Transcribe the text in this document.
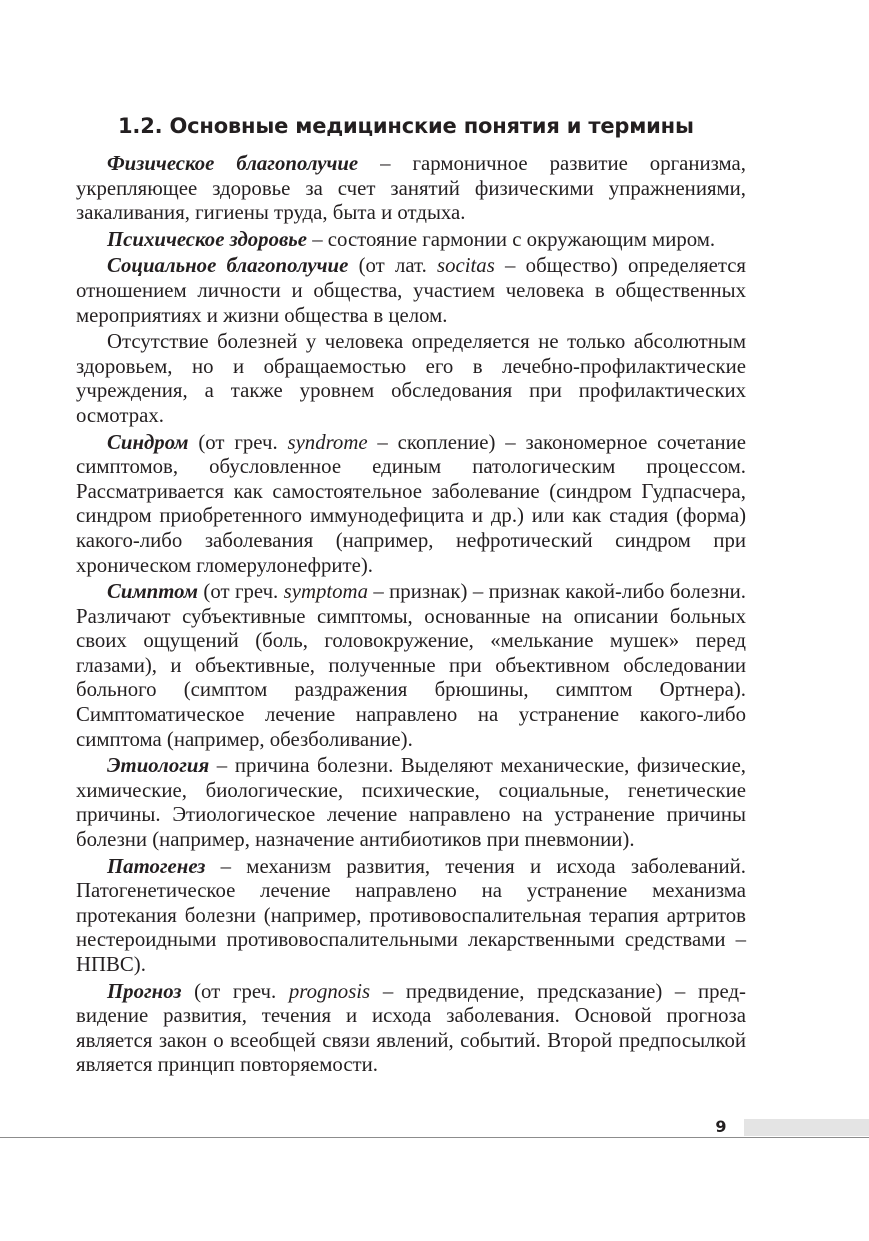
1.2. Основные медицинские понятия и термины

Физическое благополучие – гармоничное развитие организма, укрепляющее здоровье за счет занятий физическими упражнениями, закаливания, гигиены труда, быта и отдыха.

Психическое здоровье – состояние гармонии с окружающим миром.

Социальное благополучие (от лат. socitas – общество) определяется отношением личности и общества, участием человека в общественных мероприятиях и жизни общества в целом.

Отсутствие болезней у человека определяется не только абсолютным здоровьем, но и обращаемостью его в лечебно-профилактические учреждения, а также уровнем обследования при профилактических осмотрах.

Синдром (от греч. syndrome – скопление) – закономерное сочетание симптомов, обусловленное единым патологическим процессом. Рассматривается как самостоятельное заболевание (синдром Гудпасчера, синдром приобретенного иммунодефицита и др.) или как стадия (форма) какого-либо заболевания (например, нефротический синдром при хроническом гломерулонефрите).

Симптом (от греч. symptoma – признак) – признак какой-либо болезни. Различают субъективные симптомы, основанные на описании больных своих ощущений (боль, головокружение, «мелькание мушек» перед глазами), и объективные, полученные при объективном обследовании больного (симптом раздражения брюшины, симптом Ортнера). Симптоматическое лечение направлено на устранение какого-либо симптома (например, обезболивание).

Этиология – причина болезни. Выделяют механические, физические, химические, биологические, психические, социальные, генетические причины. Этиологическое лечение направлено на устранение причины болезни (например, назначение антибиотиков при пневмонии).

Патогенез – механизм развития, течения и исхода заболеваний. Патогенетическое лечение направлено на устранение механизма протекания болезни (например, противовоспалительная терапия артритов нестероидными противовоспалительными лекарственными средствами – НПВС).

Прогноз (от греч. prognosis – предвидение, предсказание) – предвидение развития, течения и исхода заболевания. Основой прогноза является закон о всеобщей связи явлений, событий. Второй предпосылкой является принцип повторяемости.

9
